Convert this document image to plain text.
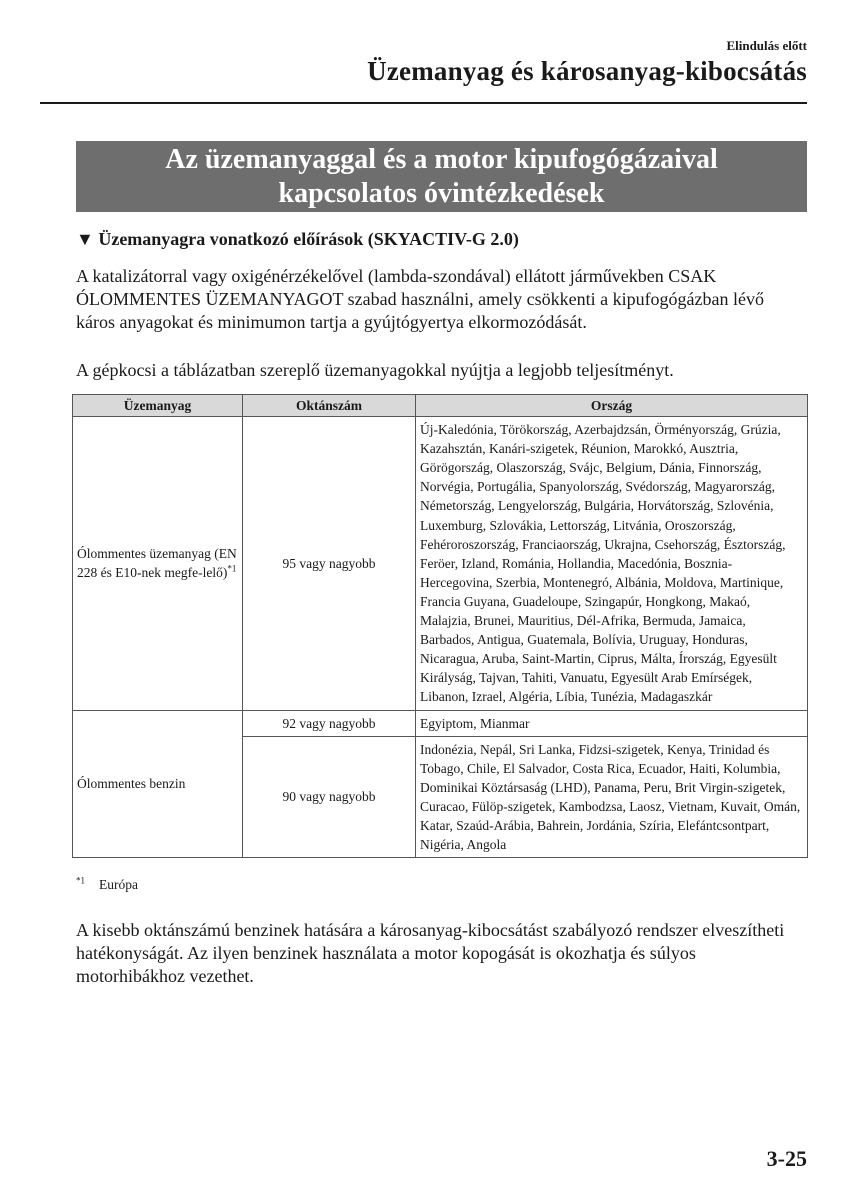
Elindulás előtt
Üzemanyag és károsanyag-kibocsátás
Az üzemanyaggal és a motor kipufogógázaival
kapcsolatos óvintézkedések
▼ Üzemanyagra vonatkozó előírások (SKYACTIV-G 2.0)
A katalizátorral vagy oxigénérzékelővel (lambda-szondával) ellátott járművekben CSAK ÓLOMMENTES ÜZEMANYAGOT szabad használni, amely csökkenti a kipufogógázban lévő káros anyagokat és minimumon tartja a gyújtógyertya elkormozódását.
A gépkocsi a táblázatban szereplő üzemanyagokkal nyújtja a legjobb teljesítményt.
Üzemanyag	Oktánszám	Ország
Ólommentes üzemanyag (EN 228 és E10-nek megfe-lelő)$^{*1}$	95 vagy nagyobb	Új-Kaledónia, Törökország, Azerbajdzsán, Örményország, Grúzia, Kazahsztán, Kanári-szigetek, Réunion, Marokkó, Ausztria, Görögország, Olaszország, Svájc, Belgium, Dánia, Finnország, Norvégia, Portugália, Spanyolország, Svédország, Magyarország, Németország, Lengyelország, Bulgária, Horvátország, Szlovénia, Luxemburg, Szlovákia, Lettország, Litvánia, Oroszország, Fehéroroszország, Franciaország, Ukrajna, Csehország, Észtország, Feröer, Izland, Románia, Hollandia, Macedónia, Bosznia-Hercegovina, Szerbia, Montenegró, Albánia, Moldova, Martinique, Francia Guyana, Guadeloupe, Szingapúr, Hongkong, Makaó, Malajzia, Brunei, Mauritius, Dél-Afrika, Bermuda, Jamaica, Barbados, Antigua, Guatemala, Bolívia, Uruguay, Honduras, Nicaragua, Aruba, Saint-Martin, Ciprus, Málta, Írország, Egyesült Királyság, Tajvan, Tahiti, Vanuatu, Egyesült Arab Emírségek, Libanon, Izrael, Algéria, Líbia, Tunézia, Madagaszkár
Ólommentes benzin	92 vagy nagyobb	Egyiptom, Mianmar
	90 vagy nagyobb	Indonézia, Nepál, Sri Lanka, Fidzsi-szigetek, Kenya, Trinidad és Tobago, Chile, El Salvador, Costa Rica, Ecuador, Haiti, Kolumbia, Dominikai Köztársaság (LHD), Panama, Peru, Brit Virgin-szigetek, Curacao, Fülöp-szigetek, Kambodzsa, Laosz, Vietnam, Kuvait, Omán, Katar, Szaúd-Arábia, Bahrein, Jordánia, Szíria, Elefántcsontpart, Nigéria, Angola
$^{*1}$ Európa
A kisebb oktánszámú benzinek hatására a károsanyag-kibocsátást szabályozó rendszer elveszítheti hatékonyságát. Az ilyen benzinek használata a motor kopogását is okozhatja és súlyos motorhibákhoz vezethet.
3-25
